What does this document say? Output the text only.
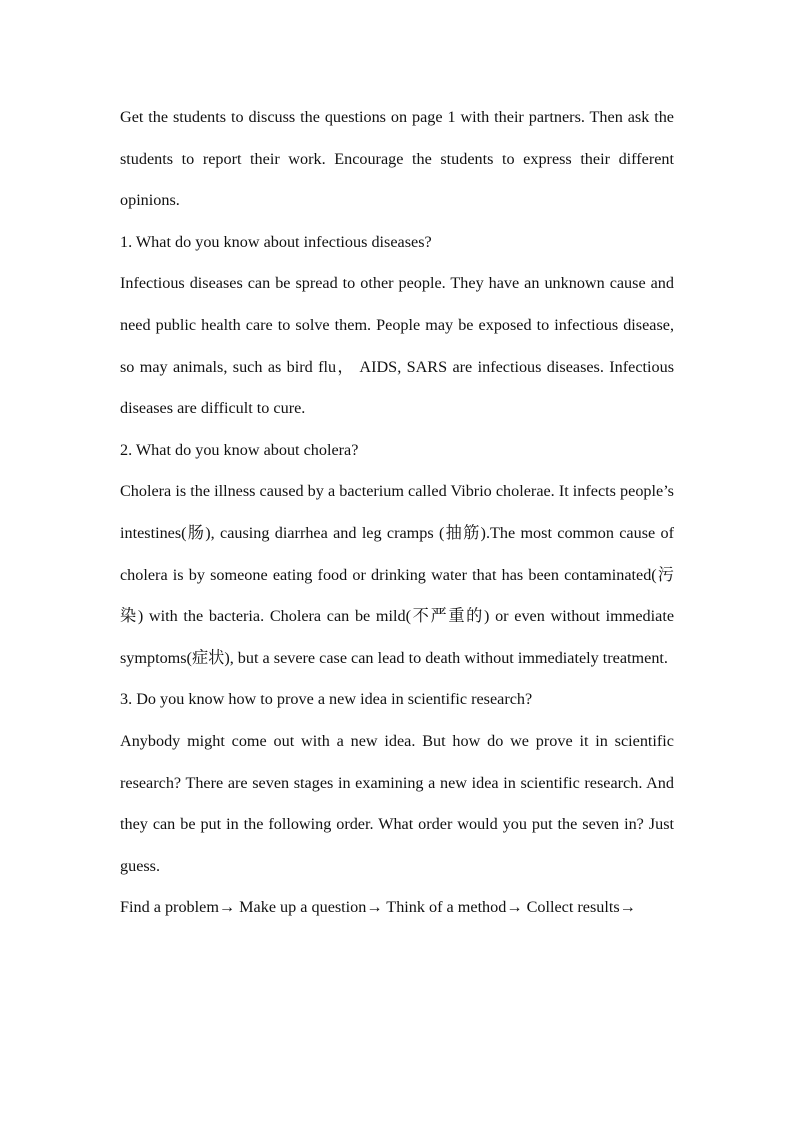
Get the students to discuss the questions on page 1 with their partners. Then ask the students to report their work. Encourage the students to express their different opinions.

1. What do you know about infectious diseases?

Infectious diseases can be spread to other people. They have an unknown cause and need public health care to solve them. People may be exposed to infectious disease, so may animals, such as bird flu， AIDS, SARS are infectious diseases. Infectious diseases are difficult to cure.

2. What do you know about cholera?

Cholera is the illness caused by a bacterium called Vibrio cholerae. It infects people’s intestines(肠), causing diarrhea and leg cramps (抽筋).The most common cause of cholera is by someone eating food or drinking water that has been contaminated(污染) with the bacteria. Cholera can be mild(不严重的) or even without immediate symptoms(症状), but a severe case can lead to death without immediately treatment.

3. Do you know how to prove a new idea in scientific research?

Anybody might come out with a new idea. But how do we prove it in scientific research? There are seven stages in examining a new idea in scientific research. And they can be put in the following order. What order would you put the seven in? Just guess.

Find a problem→ Make up a question→ Think of a method→ Collect results→
